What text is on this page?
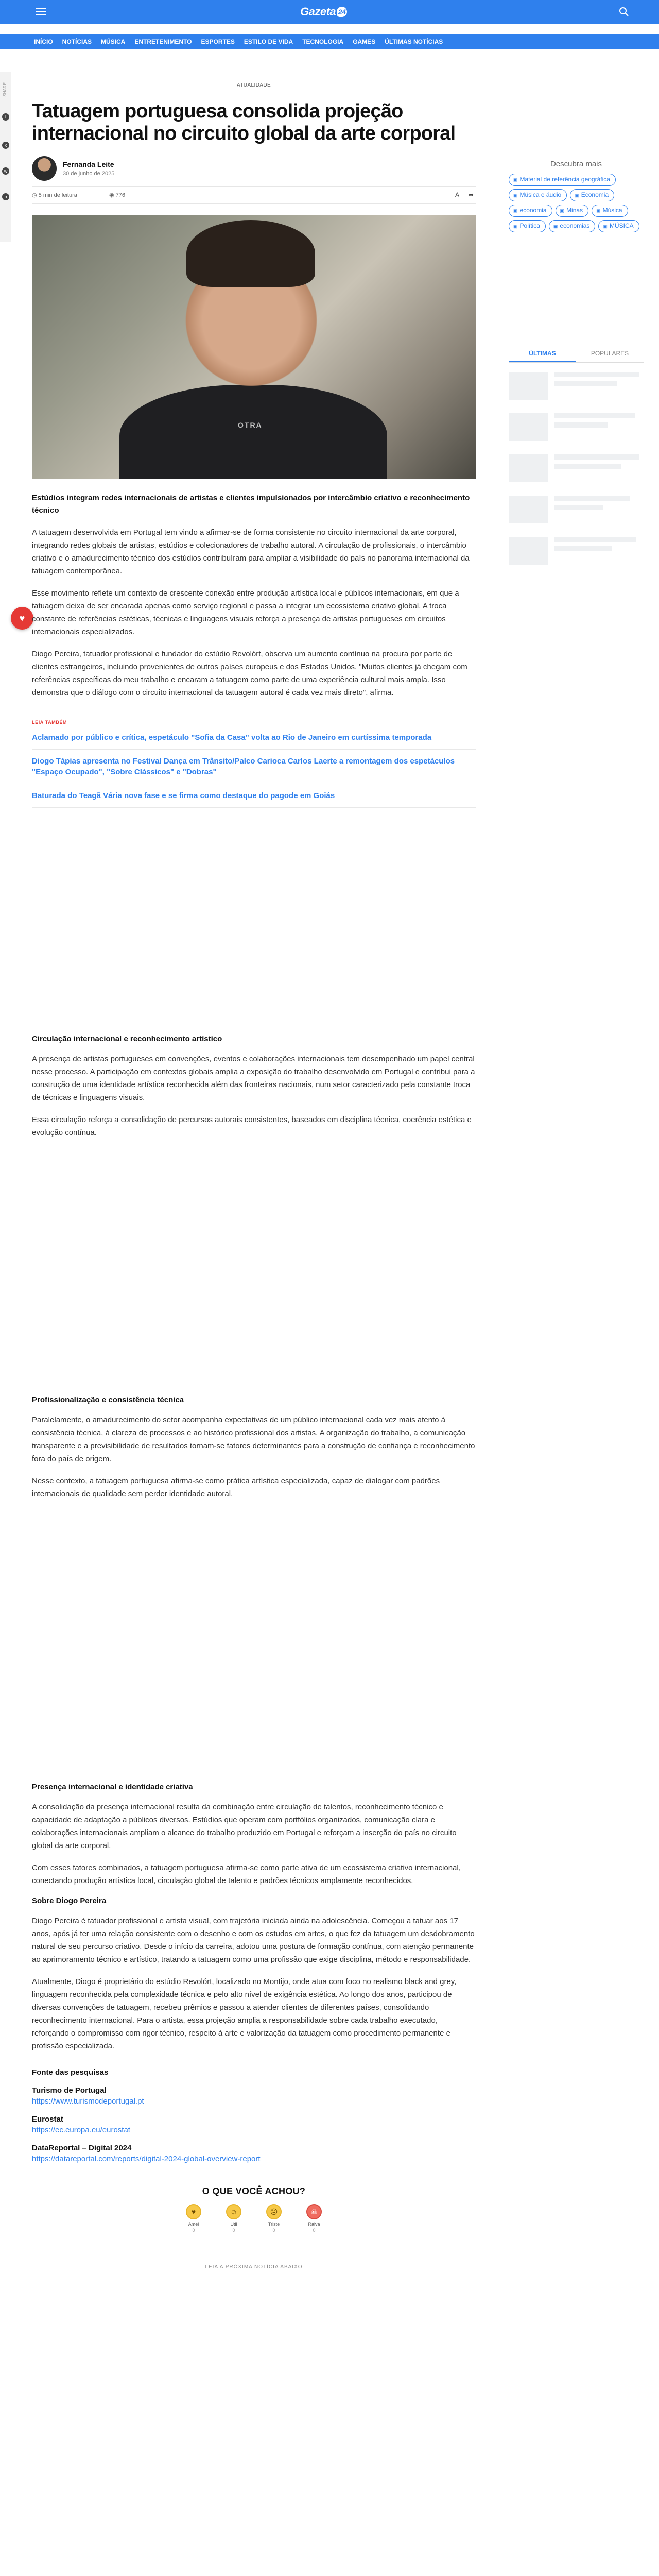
Gazeta 24
INÍCIO NOTÍCIAS MÚSICA ENTRETENIMENTO ESPORTES ESTILO DE VIDA TECNOLOGIA GAMES ÚLTIMAS NOTÍCIAS
SHARE
f
x
w
b
♥
ATUALIDADE
Tatuagem portuguesa consolida projeção internacional no circuito global da arte corporal
Fernanda Leite
30 de junho de 2025
◷ 5 min de leitura	◉ 776	A	➦
OTRA
Estúdios integram redes internacionais de artistas e clientes impulsionados por intercâmbio criativo e reconhecimento técnico

A tatuagem desenvolvida em Portugal tem vindo a afirmar-se de forma consistente no circuito internacional da arte corporal, integrando redes globais de artistas, estúdios e colecionadores de trabalho autoral. A circulação de profissionais, o intercâmbio criativo e o amadurecimento técnico dos estúdios contribuíram para ampliar a visibilidade do país no panorama internacional da tatuagem contemporânea.

Esse movimento reflete um contexto de crescente conexão entre produção artística local e públicos internacionais, em que a tatuagem deixa de ser encarada apenas como serviço regional e passa a integrar um ecossistema criativo global. A troca constante de referências estéticas, técnicas e linguagens visuais reforça a presença de artistas portugueses em circuitos internacionais especializados.

Diogo Pereira, tatuador profissional e fundador do estúdio Revolórt, observa um aumento contínuo na procura por parte de clientes estrangeiros, incluindo provenientes de outros países europeus e dos Estados Unidos. "Muitos clientes já chegam com referências específicas do meu trabalho e encaram a tatuagem como parte de uma experiência cultural mais ampla. Isso demonstra que o diálogo com o circuito internacional da tatuagem autoral é cada vez mais direto", afirma.

LEIA TAMBÉM
Aclamado por público e crítica, espetáculo "Sofia da Casa" volta ao Rio de Janeiro em curtíssima temporada
Diogo Tápias apresenta no Festival Dança em Trânsito/Palco Carioca Carlos Laerte a remontagem dos espetáculos "Espaço Ocupado", "Sobre Clássicos" e "Dobras"
Baturada do Teagã Vária nova fase e se firma como destaque do pagode em Goiás
Circulação internacional e reconhecimento artístico

A presença de artistas portugueses em convenções, eventos e colaborações internacionais tem desempenhado um papel central nesse processo. A participação em contextos globais amplia a exposição do trabalho desenvolvido em Portugal e contribui para a construção de uma identidade artística reconhecida além das fronteiras nacionais, num setor caracterizado pela constante troca de técnicas e linguagens visuais.

Essa circulação reforça a consolidação de percursos autorais consistentes, baseados em disciplina técnica, coerência estética e evolução contínua.

Profissionalização e consistência técnica

Paralelamente, o amadurecimento do setor acompanha expectativas de um público internacional cada vez mais atento à consistência técnica, à clareza de processos e ao histórico profissional dos artistas. A organização do trabalho, a comunicação transparente e a previsibilidade de resultados tornam-se fatores determinantes para a construção de confiança e reconhecimento fora do país de origem.

Nesse contexto, a tatuagem portuguesa afirma-se como prática artística especializada, capaz de dialogar com padrões internacionais de qualidade sem perder identidade autoral.

Presença internacional e identidade criativa

A consolidação da presença internacional resulta da combinação entre circulação de talentos, reconhecimento técnico e capacidade de adaptação a públicos diversos. Estúdios que operam com portfólios organizados, comunicação clara e colaborações internacionais ampliam o alcance do trabalho produzido em Portugal e reforçam a inserção do país no circuito global da arte corporal.

Com esses fatores combinados, a tatuagem portuguesa afirma-se como parte ativa de um ecossistema criativo internacional, conectando produção artística local, circulação global de talento e padrões técnicos amplamente reconhecidos.

Sobre Diogo Pereira

Diogo Pereira é tatuador profissional e artista visual, com trajetória iniciada ainda na adolescência. Começou a tatuar aos 17 anos, após já ter uma relação consistente com o desenho e com os estudos em artes, o que fez da tatuagem um desdobramento natural de seu percurso criativo. Desde o início da carreira, adotou uma postura de formação contínua, com atenção permanente ao aprimoramento técnico e artístico, tratando a tatuagem como uma profissão que exige disciplina, método e responsabilidade.

Atualmente, Diogo é proprietário do estúdio Revolórt, localizado no Montijo, onde atua com foco no realismo black and grey, linguagem reconhecida pela complexidade técnica e pelo alto nível de exigência estética. Ao longo dos anos, participou de diversas convenções de tatuagem, recebeu prêmios e passou a atender clientes de diferentes países, consolidando reconhecimento internacional. Para o artista, essa projeção amplia a responsabilidade sobre cada trabalho executado, reforçando o compromisso com rigor técnico, respeito à arte e valorização da tatuagem como procedimento permanente e profissão especializada.

Fonte das pesquisas
Turismo de Portugal
https://www.turismodeportugal.pt
Eurostat
https://ec.europa.eu/eurostat
DataReportal – Digital 2024
https://datareportal.com/reports/digital-2024-global-overview-report
O QUE VOCÊ ACHOU?
♥
Amei
0
☺
Util
0
☹
Triste
0
☠
Raiva
0
LEIA A PRÓXIMA NOTÍCIA ABAIXO
Descubra mais
▣ Material de referência geográfica
▣ Música e áudio	▣ Economia
▣ economia	▣ Minas	▣ Música
▣ Política	▣ economias	▣ MÚSICA
ÚLTIMAS	POPULARES
